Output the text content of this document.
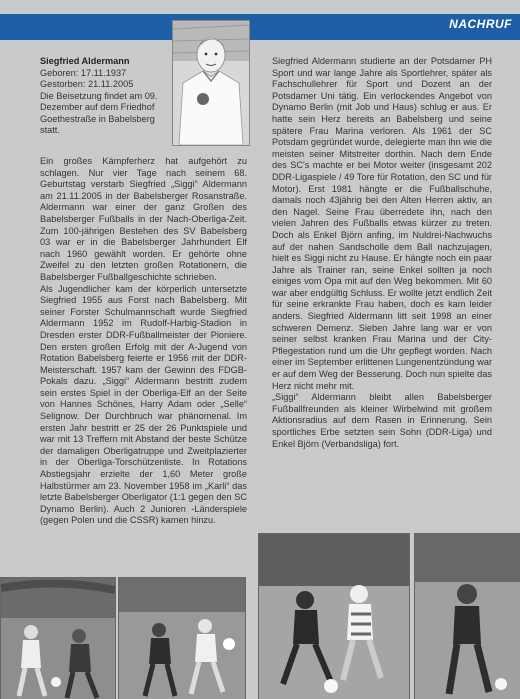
NACHRUF

Siegfried Aldermann

Geboren: 17.11.1937

Gestorben: 21.11.2005

Die Beisetzung findet am 09. Dezember auf dem Friedhof Goethestraße in Babelsberg statt.

Ein großes Kämpferherz hat aufgehört zu schlagen. Nur vier Tage nach seinem 68. Geburtstag verstarb Siegfried „Siggi“ Aldermann am 21.11.2005 in der Babelsberger Rosanstraße. Aldermann war einer der ganz Großen des Babelsberger Fußballs in der Nach-Oberliga-Zeit. Zum 100-jährigen Bestehen des SV Babelsberg 03 war er in die Babelsberger Jahrhundert Elf nach 1960 gewählt worden. Er gehörte ohne Zweifel zu den letzten großen Rotationern, die Babelsberger Fußballgeschichte schrieben.

Als Jugendlicher kam der körperlich untersetzte Siegfried 1955 aus Forst nach Babelsberg. Mit seiner Forster Schulmannschaft wurde Siegfried Aldermann 1952 im Rudolf-Harbig-Stadion in Dresden erster DDR-Fußballmeister der Pioniere. Den ersten großen Erfolg mit der A-Jugend von Rotation Babelsberg feierte er 1956 mit der DDR-Meisterschaft. 1957 kam der Gewinn des FDGB-Pokals dazu. „Siggi“ Aldermann bestritt zudem sein erstes Spiel in der Oberliga-Elf an der Seite von Hannes Schönes, Harry Adam oder „Selle“ Selignow. Der Durchbruch war phänomenal. Im ersten Jahr bestritt er 25 der 26 Punktspiele und war mit 13 Treffern mit Abstand der beste Schütze der damaligen Oberligatruppe und Zweitplazierter in der Oberliga-Torschützenliste. In Rotations Abstiegsjahr erzielte der 1,60 Meter große Halbstürmer am 23. November 1958 im „Karli“ das letzte Babelsberger Oberligator (1:1 gegen den SC Dynamo Berlin). Auch 2 Junioren -Länderspiele (gegen Polen und die CSSR) kamen hinzu.

Siegfried Aldermann studierte an der Potsdamer PH Sport und war lange Jahre als Sportlehrer, später als Fachschullehrer für Sport und Dozent an der Potsdamer Uni tätig. Ein verlockendes Angebot von Dynamo Berlin (mit Job und Haus) schlug er aus. Er hatte sein Herz bereits an Babelsberg und seine spätere Frau Marina verloren. Als 1961 der SC Potsdam gegründet wurde, delegierte man ihn wie die meisten seiner Mitstreiter dorthin. Nach dem Ende des SC's machte er bei Motor weiter (insgesamt 202 DDR-Ligaspiele / 49 Tore für Rotation, den SC und für Motor). Erst 1981 hängte er die Fußballschuhe, damals noch 43jährig bei den Alten Herren aktiv, an den Nagel. Seine Frau überredete ihn, nach den vielen Jahren des Fußballs etwas kürzer zu treten. Doch als Enkel Björn anfing, im Nuldrei-Nachwuchs auf der nahen Sandscholle dem Ball nachzujagen, hielt es Siggi nicht zu Hause. Er hängte noch ein paar Jahre als Trainer ran, seine Enkel sollten ja noch einiges vom Opa mit auf den Weg bekommen. Mit 60 war aber endgültig Schluss. Er wollte jetzt endlich Zeit für seine erkrankte Frau haben, doch es kam leider anders. Siegfried Aldermann litt seit 1998 an einer schweren Demenz. Sieben Jahre lang war er von seiner selbst kranken Frau Marina und der City-Pflegestation rund um die Uhr gepflegt worden. Nach einer im September erlittenen Lungenentzündung war er auf dem Weg der Besserung. Doch nun spielte das Herz nicht mehr mit.

„Siggi“ Aldermann bleibt allen Babelsberger Fußballfreunden als kleiner Wirbelwind mit großem Aktionsradius auf dem Rasen in Erinnerung. Sein sportliches Erbe setzten sein Sohn (DDR-Liga) und Enkel Björn (Verbandsliga) fort.
